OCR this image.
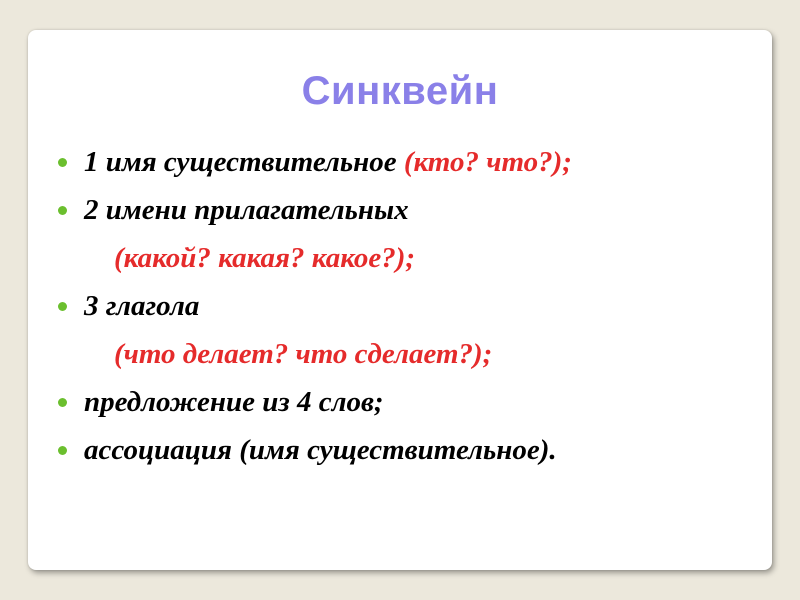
Синквейн
1 имя существительное (кто? что?);
2 имени прилагательных
(какой? какая? какое?);
3 глагола
(что делает? что сделает?);
предложение из 4 слов;
ассоциация (имя существительное).
